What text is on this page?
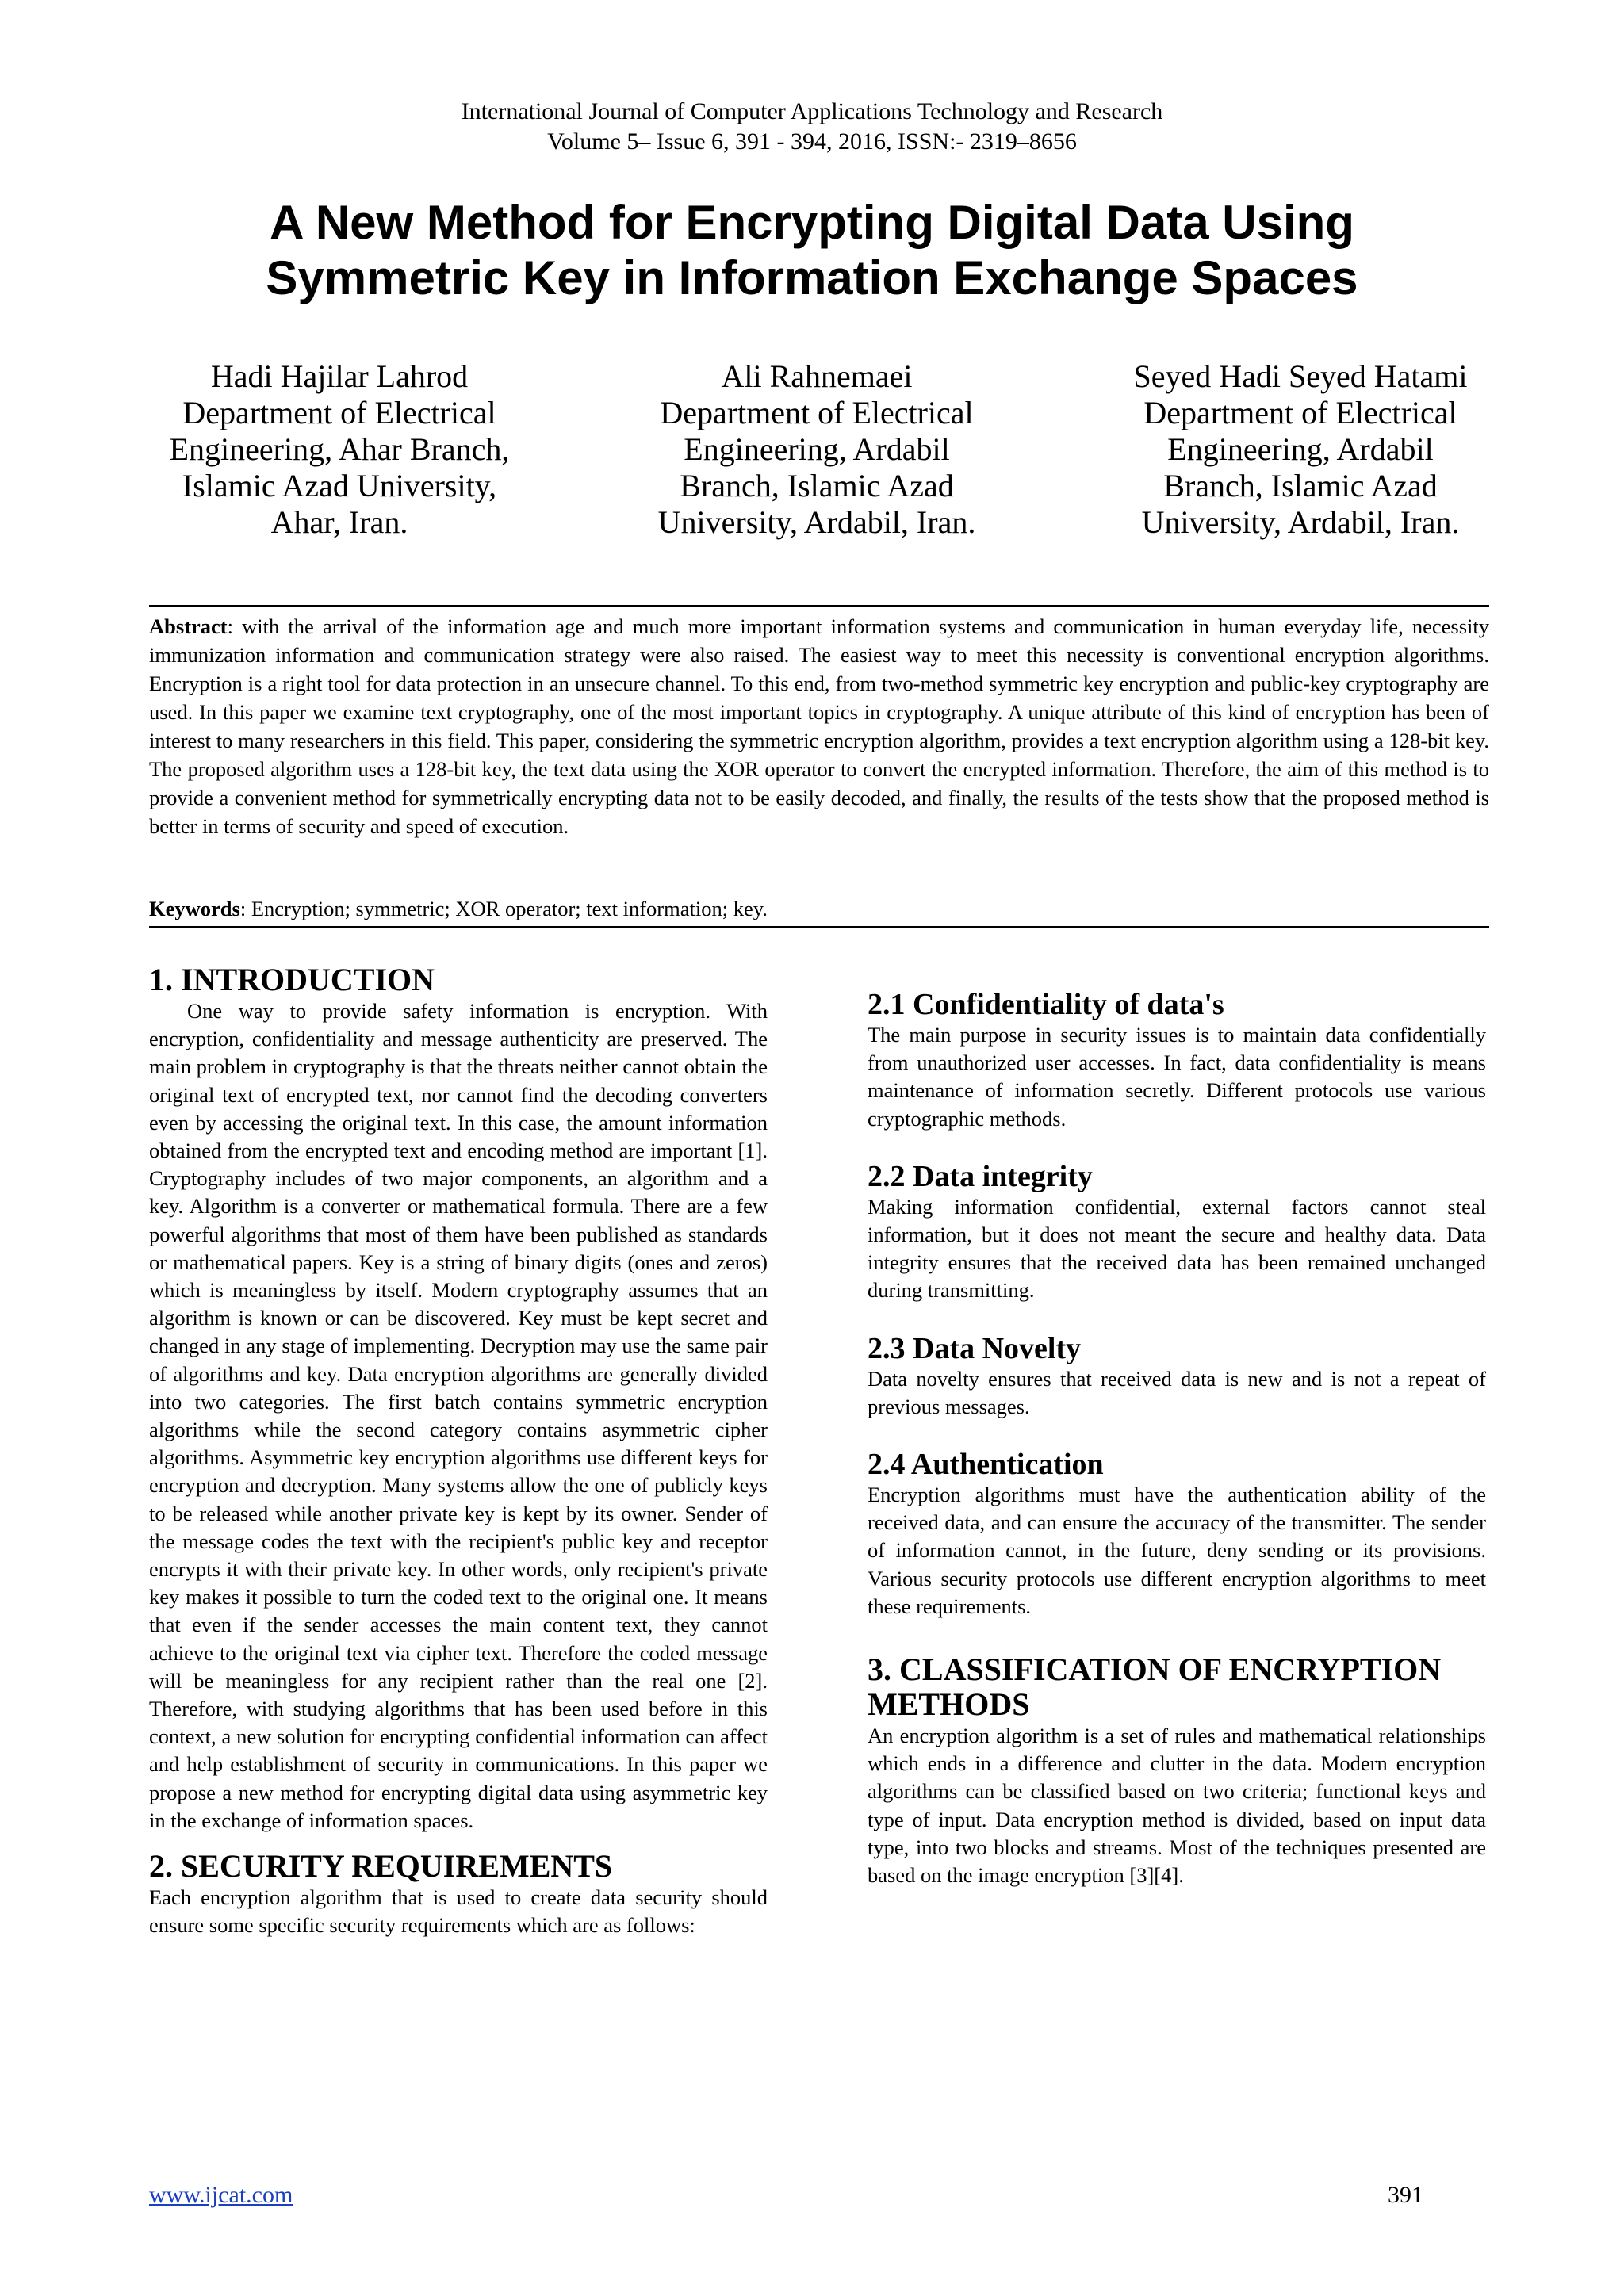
International Journal of Computer Applications Technology and Research
Volume 5– Issue 6, 391 - 394, 2016, ISSN:- 2319–8656
A New Method for Encrypting Digital Data Using
Symmetric Key in Information Exchange Spaces
Hadi Hajilar Lahrod
Department of Electrical
Engineering, Ahar Branch,
Islamic Azad University,
Ahar, Iran.
Ali Rahnemaei
Department of Electrical
Engineering, Ardabil
Branch, Islamic Azad
University, Ardabil, Iran.
Seyed Hadi Seyed Hatami
Department of Electrical
Engineering, Ardabil
Branch, Islamic Azad
University, Ardabil, Iran.
Abstract: with the arrival of the information age and much more important information systems and communication in human everyday life, necessity immunization information and communication strategy were also raised. The easiest way to meet this necessity is conventional encryption algorithms. Encryption is a right tool for data protection in an unsecure channel. To this end, from two-method symmetric key encryption and public-key cryptography are used. In this paper we examine text cryptography, one of the most important topics in cryptography. A unique attribute of this kind of encryption has been of interest to many researchers in this field. This paper, considering the symmetric encryption algorithm, provides a text encryption algorithm using a 128-bit key. The proposed algorithm uses a 128-bit key, the text data using the XOR operator to convert the encrypted information. Therefore, the aim of this method is to provide a convenient method for symmetrically encrypting data not to be easily decoded, and finally, the results of the tests show that the proposed method is better in terms of security and speed of execution.
Keywords: Encryption; symmetric; XOR operator; text information; key.
1. INTRODUCTION

One way to provide safety information is encryption. With encryption, confidentiality and message authenticity are preserved. The main problem in cryptography is that the threats neither cannot obtain the original text of encrypted text, nor cannot find the decoding converters even by accessing the original text. In this case, the amount information obtained from the encrypted text and encoding method are important [1]. Cryptography includes of two major components, an algorithm and a key. Algorithm is a converter or mathematical formula. There are a few powerful algorithms that most of them have been published as standards or mathematical papers. Key is a string of binary digits (ones and zeros) which is meaningless by itself. Modern cryptography assumes that an algorithm is known or can be discovered. Key must be kept secret and changed in any stage of implementing. Decryption may use the same pair of algorithms and key. Data encryption algorithms are generally divided into two categories. The first batch contains symmetric encryption algorithms while the second category contains asymmetric cipher algorithms. Asymmetric key encryption algorithms use different keys for encryption and decryption. Many systems allow the one of publicly keys to be released while another private key is kept by its owner. Sender of the message codes the text with the recipient's public key and receptor encrypts it with their private key. In other words, only recipient's private key makes it possible to turn the coded text to the original one. It means that even if the sender accesses the main content text, they cannot achieve to the original text via cipher text. Therefore the coded message will be meaningless for any recipient rather than the real one [2]. Therefore, with studying algorithms that has been used before in this context, a new solution for encrypting confidential information can affect and help establishment of security in communications. In this paper we propose a new method for encrypting digital data using asymmetric key in the exchange of information spaces.

2. SECURITY REQUIREMENTS

Each encryption algorithm that is used to create data security should ensure some specific security requirements which are as follows:

2.1 Confidentiality of data's

The main purpose in security issues is to maintain data confidentially from unauthorized user accesses. In fact, data confidentiality is means maintenance of information secretly. Different protocols use various cryptographic methods.

2.2 Data integrity

Making information confidential, external factors cannot steal information, but it does not meant the secure and healthy data. Data integrity ensures that the received data has been remained unchanged during transmitting.

2.3 Data Novelty

Data novelty ensures that received data is new and is not a repeat of previous messages.

2.4 Authentication

Encryption algorithms must have the authentication ability of the received data, and can ensure the accuracy of the transmitter. The sender of information cannot, in the future, deny sending or its provisions. Various security protocols use different encryption algorithms to meet these requirements.

3. CLASSIFICATION OF ENCRYPTION METHODS

An encryption algorithm is a set of rules and mathematical relationships which ends in a difference and clutter in the data. Modern encryption algorithms can be classified based on two criteria; functional keys and type of input. Data encryption method is divided, based on input data type, into two blocks and streams. Most of the techniques presented are based on the image encryption [3][4].

www.ijcat.com	391
